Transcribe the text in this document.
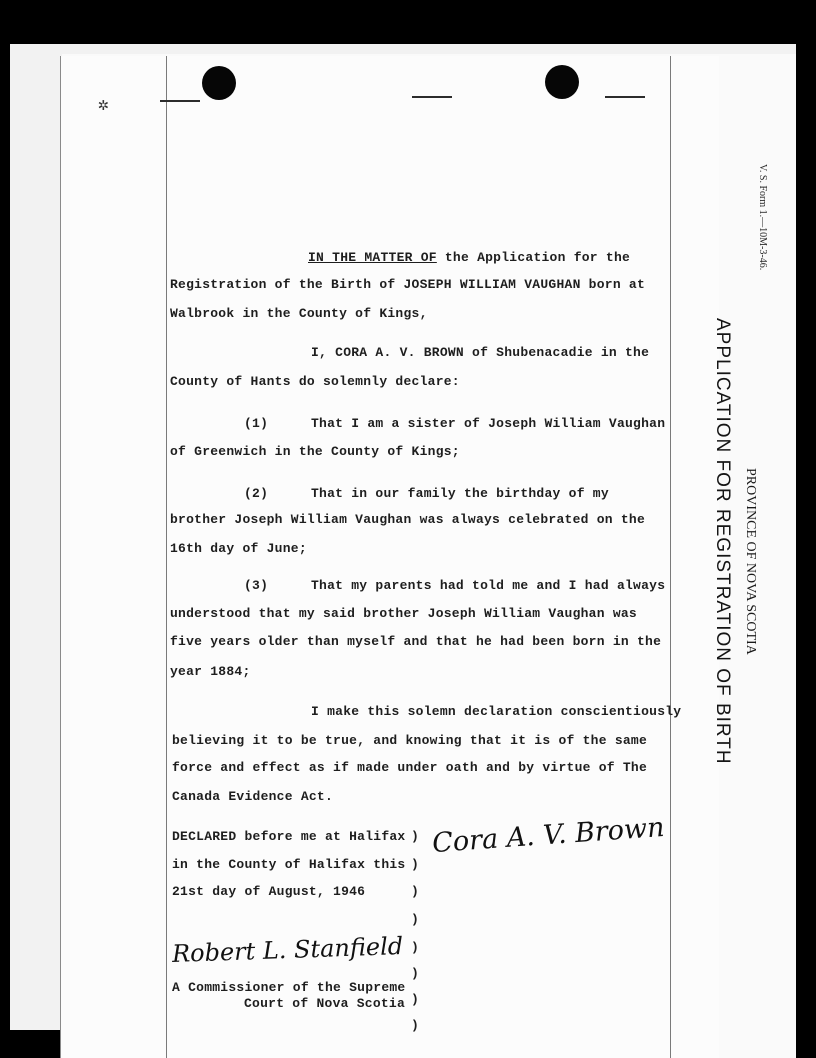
✲
V. S. Form 1.—10M-3-46.
APPLICATION FOR REGISTRATION OF BIRTH PROVINCE OF NOVA SCOTIA
IN THE MATTER OF the Application for the
Registration of the Birth of JOSEPH WILLIAM VAUGHAN born at
Walbrook in the County of Kings,
I, CORA A. V. BROWN of Shubenacadie in the
County of Hants do solemnly declare:
(1)	That I am a sister of Joseph William Vaughan
of Greenwich in the County of Kings;
(2)	That in our family the birthday of my
brother Joseph William Vaughan was always celebrated on the
16th day of June;
(3)	That my parents had told me and I had always
understood that my said brother Joseph William Vaughan was
five years older than myself and that he had been born in the
year 1884;
I make this solemn declaration conscientiously
believing it to be true, and knowing that it is of the same
force and effect as if made under oath and by virtue of The
Canada Evidence Act.
DECLARED before me at Halifax
in the County of Halifax this
21st day of August, 1946
)
)
)
)
)
)
)
)
A Commissioner of the Supreme
Court of Nova Scotia
Cora A. V. Brown
Robert L. Stanfield
